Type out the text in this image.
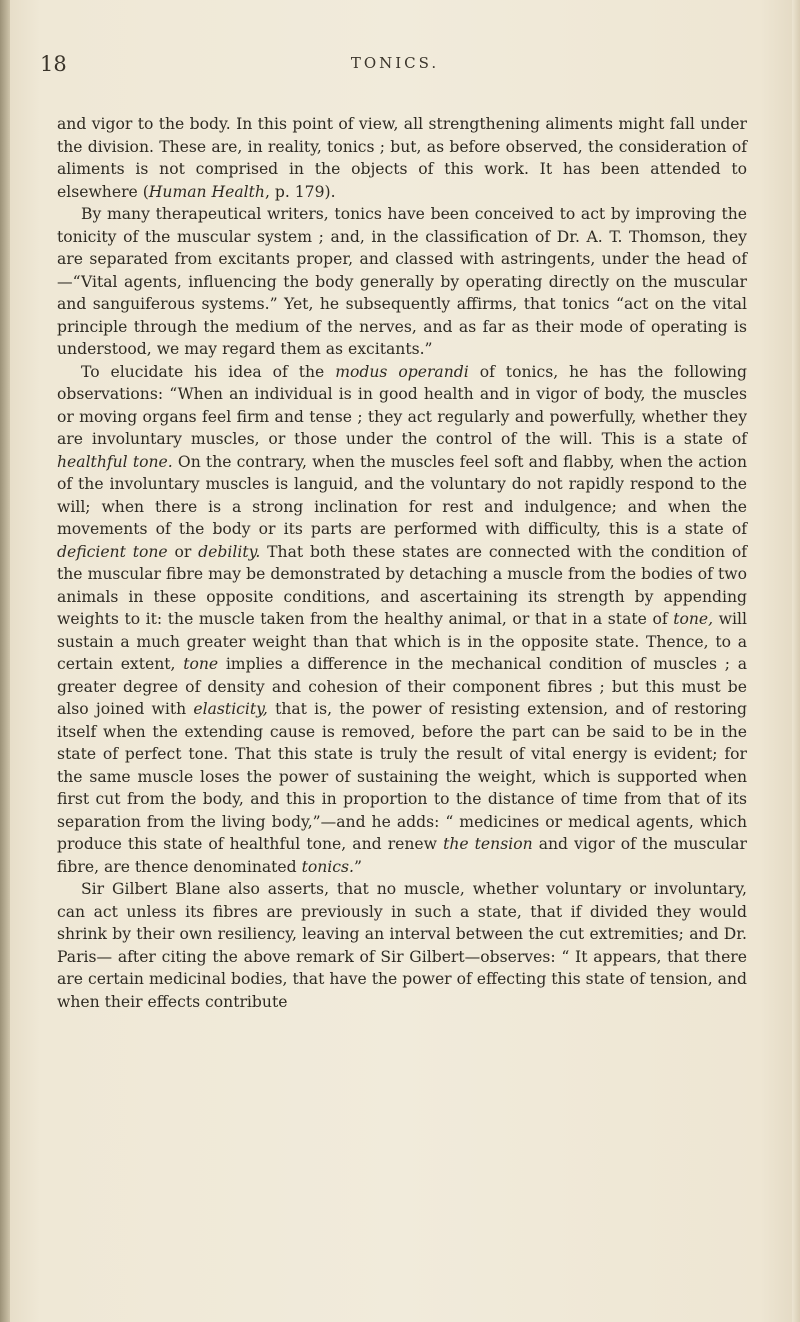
18	TONICS.

and vigor to the body. In this point of view, all strengthening aliments might fall under the division. These are, in reality, tonics ; but, as before observed, the consideration of aliments is not comprised in the objects of this work. It has been attended to elsewhere (Human Health, p. 179).

By many therapeutical writers, tonics have been conceived to act by improving the tonicity of the muscular system ; and, in the classification of Dr. A. T. Thomson, they are separated from excitants proper, and classed with astringents, under the head of—“Vital agents, influencing the body generally by operating directly on the muscular and sanguiferous systems.” Yet, he subsequently affirms, that tonics “act on the vital principle through the medium of the nerves, and as far as their mode of operating is understood, we may regard them as excitants.”

To elucidate his idea of the modus operandi of tonics, he has the following observations: “When an individual is in good health and in vigor of body, the muscles or moving organs feel firm and tense ; they act regularly and powerfully, whether they are involuntary muscles, or those under the control of the will. This is a state of healthful tone. On the contrary, when the muscles feel soft and flabby, when the action of the involuntary muscles is languid, and the voluntary do not rapidly respond to the will; when there is a strong inclination for rest and indulgence; and when the movements of the body or its parts are performed with difficulty, this is a state of deficient tone or debility. That both these states are connected with the condition of the muscular fibre may be demonstrated by detaching a muscle from the bodies of two animals in these opposite conditions, and ascertaining its strength by appending weights to it: the muscle taken from the healthy animal, or that in a state of tone, will sustain a much greater weight than that which is in the opposite state. Thence, to a certain extent, tone implies a difference in the mechanical condition of muscles ; a greater degree of density and cohesion of their component fibres ; but this must be also joined with elasticity, that is, the power of resisting extension, and of restoring itself when the extending cause is removed, before the part can be said to be in the state of perfect tone. That this state is truly the result of vital energy is evident; for the same muscle loses the power of sustaining the weight, which is supported when first cut from the body, and this in proportion to the distance of time from that of its separation from the living body,”—and he adds: “ medicines or medical agents, which produce this state of healthful tone, and renew the tension and vigor of the muscular fibre, are thence denominated tonics.”

Sir Gilbert Blane also asserts, that no muscle, whether voluntary or involuntary, can act unless its fibres are previously in such a state, that if divided they would shrink by their own resiliency, leaving an interval between the cut extremities; and Dr. Paris— after citing the above remark of Sir Gilbert—observes: “ It appears, that there are certain medicinal bodies, that have the power of effecting this state of tension, and when their effects contribute
